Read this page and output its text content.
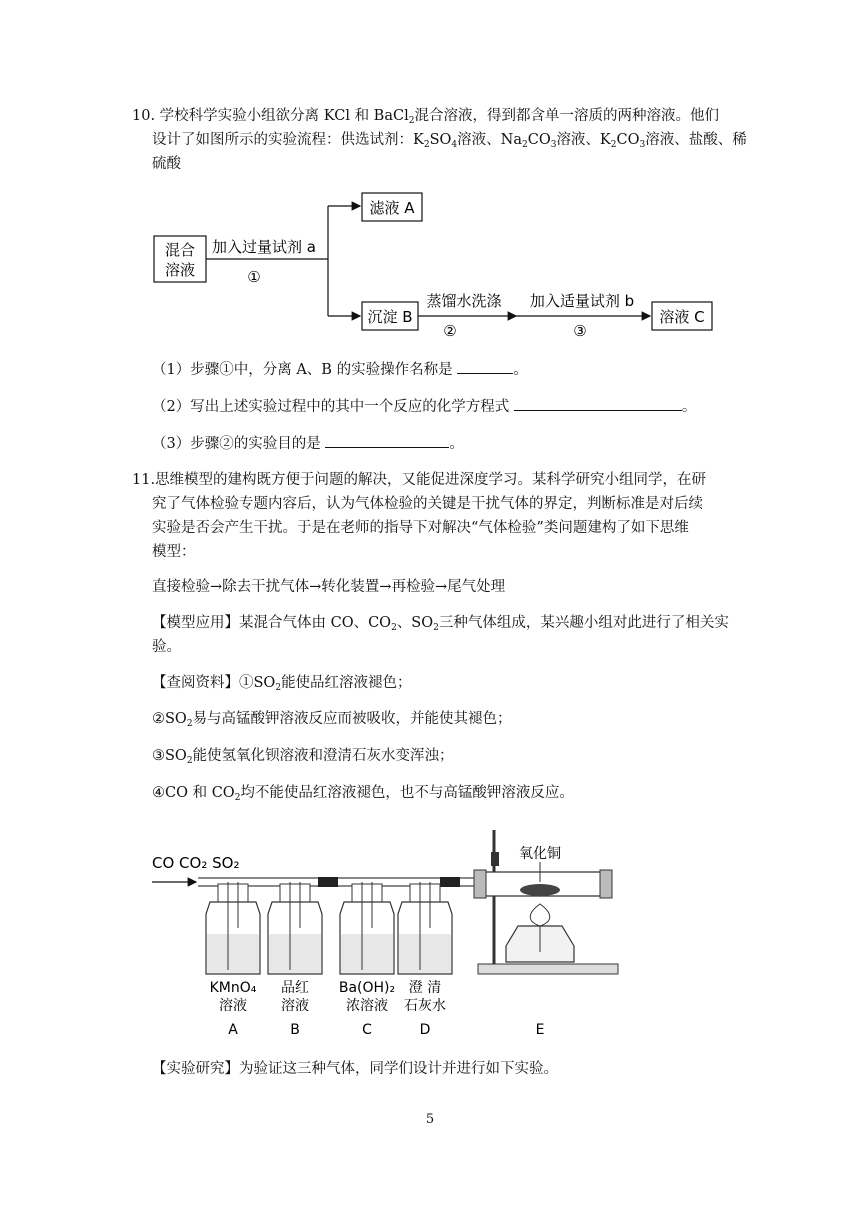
10. 学校科学实验小组欲分离 KCl 和 BaCl$_2$混合溶液，得到都含单一溶质的两种溶液。他们
设计了如图所示的实验流程：供选试剂：$K_2SO_4$溶液、$Na_2CO_3$溶液、$K_2CO_3$溶液、盐酸、稀
硫酸
混合
溶液
加入过量试剂 a
①
滤液 A
沉淀 B
蒸馏水洗涤
②
加入适量试剂 b
③
溶液 C
（1）步骤①中，分离 A、B 的实验操作名称是	。
（2）写出上述实验过程中的其中一个反应的化学方程式	。
（3）步骤②的实验目的是	。
11.思维模型的建构既方便于问题的解决，又能促进深度学习。某科学研究小组同学，在研
究了气体检验专题内容后，认为气体检验的关键是干扰气体的界定，判断标准是对后续
实验是否会产生干扰。于是在老师的指导下对解决“气体检验”类问题建构了如下思维
模型：
直接检验→除去干扰气体→转化装置→再检验→尾气处理
【模型应用】某混合气体由 CO、$CO_2$、$SO_2$三种气体组成，某兴趣小组对此进行了相关实
验。
【查阅资料】$①SO_2$能使品红溶液褪色；
$②SO_2$易与高锰酸钾溶液反应而被吸收，并能使其褪色；
$③SO_2$能使氢氧化钡溶液和澄清石灰水变浑浊；
④CO 和 $CO_2$均不能使品红溶液褪色，也不与高锰酸钾溶液反应。
CO CO₂ SO₂	氧化铜
KMnO₄
溶液
品红
溶液
Ba(OH)₂
浓溶液
澄 清
石灰水
A	B	C	D	E
【实验研究】为验证这三种气体，同学们设计并进行如下实验。
5
